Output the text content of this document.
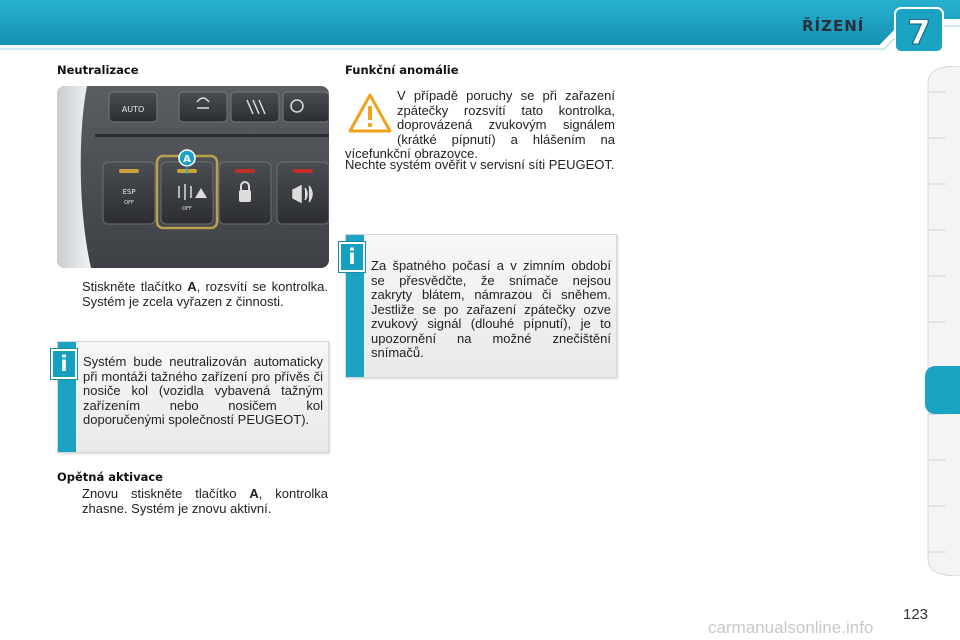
ŘÍZENÍ 7
Neutralizace
AUTO
ESP
OFF
OFF
A
Stiskněte tlačítko A, rozsvítí se kontrolka. Systém je zcela vyřazen z činnosti.
Systém bude neutralizován automaticky při montáži tažného zařízení pro přívěs či nosiče kol (vozidla vybavená tažným zařízením nebo nosičem kol doporučenými společností PEUGEOT).
i
Opětná aktivace
Znovu stiskněte tlačítko A, kontrolka zhasne. Systém je znovu aktivní.
Funkční anomálie
V případě poruchy se při zařazení zpátečky rozsvítí tato kontrolka, doprovázená zvukovým signálem (krátké pípnutí) a hlášením na vícefunkční obrazovce.
Nechte systém ověřit v servisní síti PEUGEOT.
Za špatného počasí a v zimním období se přesvědčte, že snímače nejsou zakryty blátem, námrazou či sněhem. Jestliže se po zařazení zpátečky ozve zvukový signál (dlouhé pípnutí), je to upozornění na možné znečištění snímačů.
i
123
carmanualsonline.info
